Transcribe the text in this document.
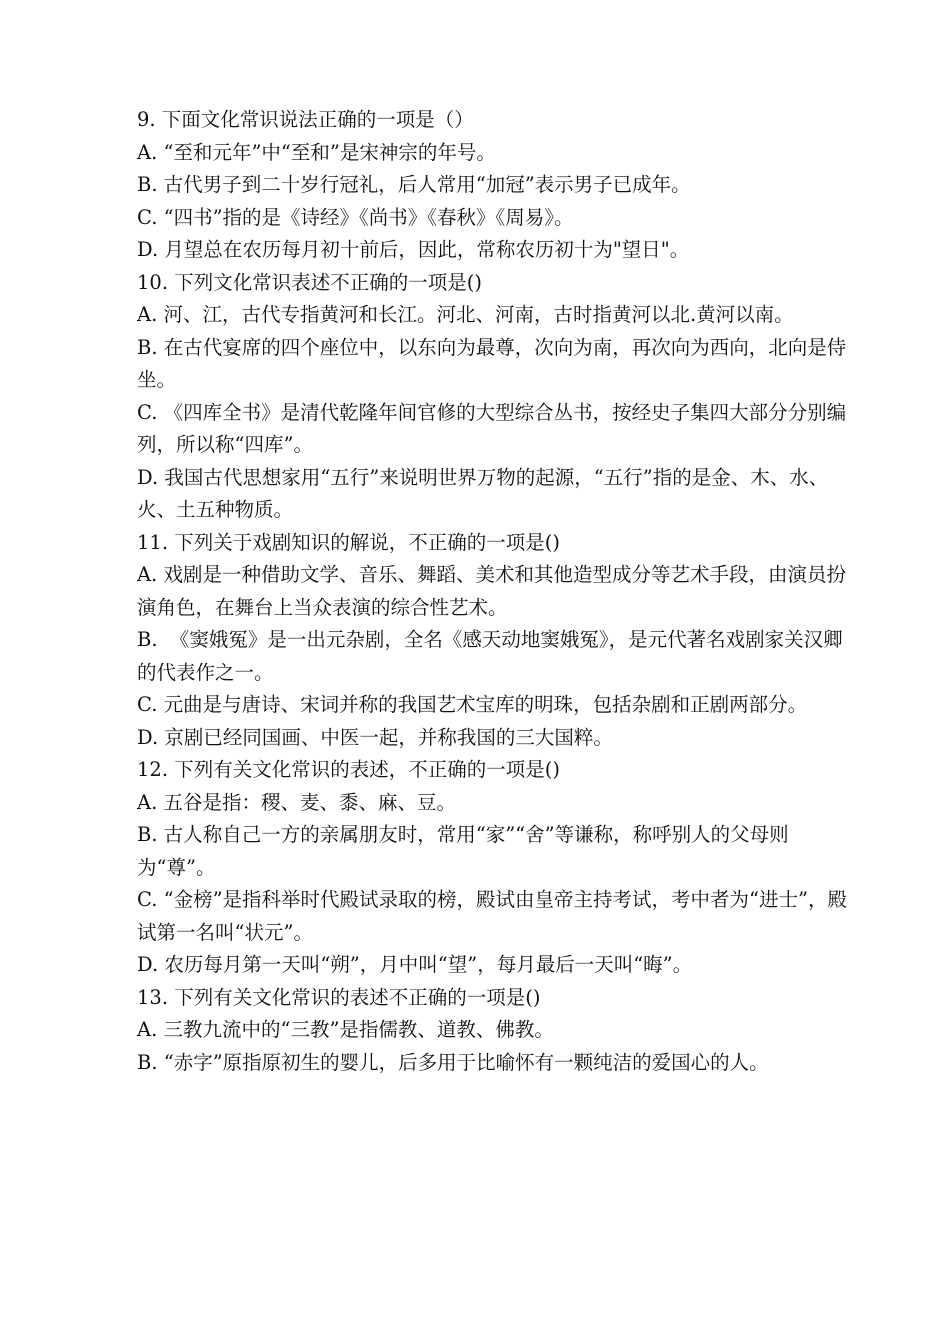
9. 下面文化常识说法正确的一项是（）

A. “至和元年”中“至和”是宋神宗的年号。

B. 古代男子到二十岁行冠礼，后人常用“加冠”表示男子已成年。

C. “四书”指的是《诗经》《尚书》《春秋》《周易》。

D. 月望总在农历每月初十前后，因此，常称农历初十为"望日"。

10. 下列文化常识表述不正确的一项是()

A. 河、江，古代专指黄河和长江。河北、河南，古时指黄河以北.黄河以南。

B. 在古代宴席的四个座位中，以东向为最尊，次向为南，再次向为西向，北向是侍坐。

C. 《四库全书》是清代乾隆年间官修的大型综合丛书，按经史子集四大部分分别编列，所以称“四库”。

D. 我国古代思想家用“五行”来说明世界万物的起源，“五行”指的是金、木、水、火、土五种物质。

11. 下列关于戏剧知识的解说，不正确的一项是()

A. 戏剧是一种借助文学、音乐、舞蹈、美术和其他造型成分等艺术手段，由演员扮演角色，在舞台上当众表演的综合性艺术。

B.  《窦娥冤》是一出元杂剧，全名《感天动地窦娥冤》，是元代著名戏剧家关汉卿的代表作之一。

C. 元曲是与唐诗、宋词并称的我国艺术宝库的明珠，包括杂剧和正剧两部分。

D. 京剧已经同国画、中医一起，并称我国的三大国粹。

12. 下列有关文化常识的表述，不正确的一项是()

A. 五谷是指：稷、麦、黍、麻、豆。

B. 古人称自己一方的亲属朋友时，常用“家”“舍”等谦称，称呼别人的父母则为“尊”。

C. “金榜”是指科举时代殿试录取的榜，殿试由皇帝主持考试，考中者为“进士”，殿试第一名叫“状元”。

D. 农历每月第一天叫“朔”，月中叫“望”，每月最后一天叫“晦”。

13. 下列有关文化常识的表述不正确的一项是()

A. 三教九流中的“三教”是指儒教、道教、佛教。

B. “赤字”原指原初生的婴儿，后多用于比喻怀有一颗纯洁的爱国心的人。
